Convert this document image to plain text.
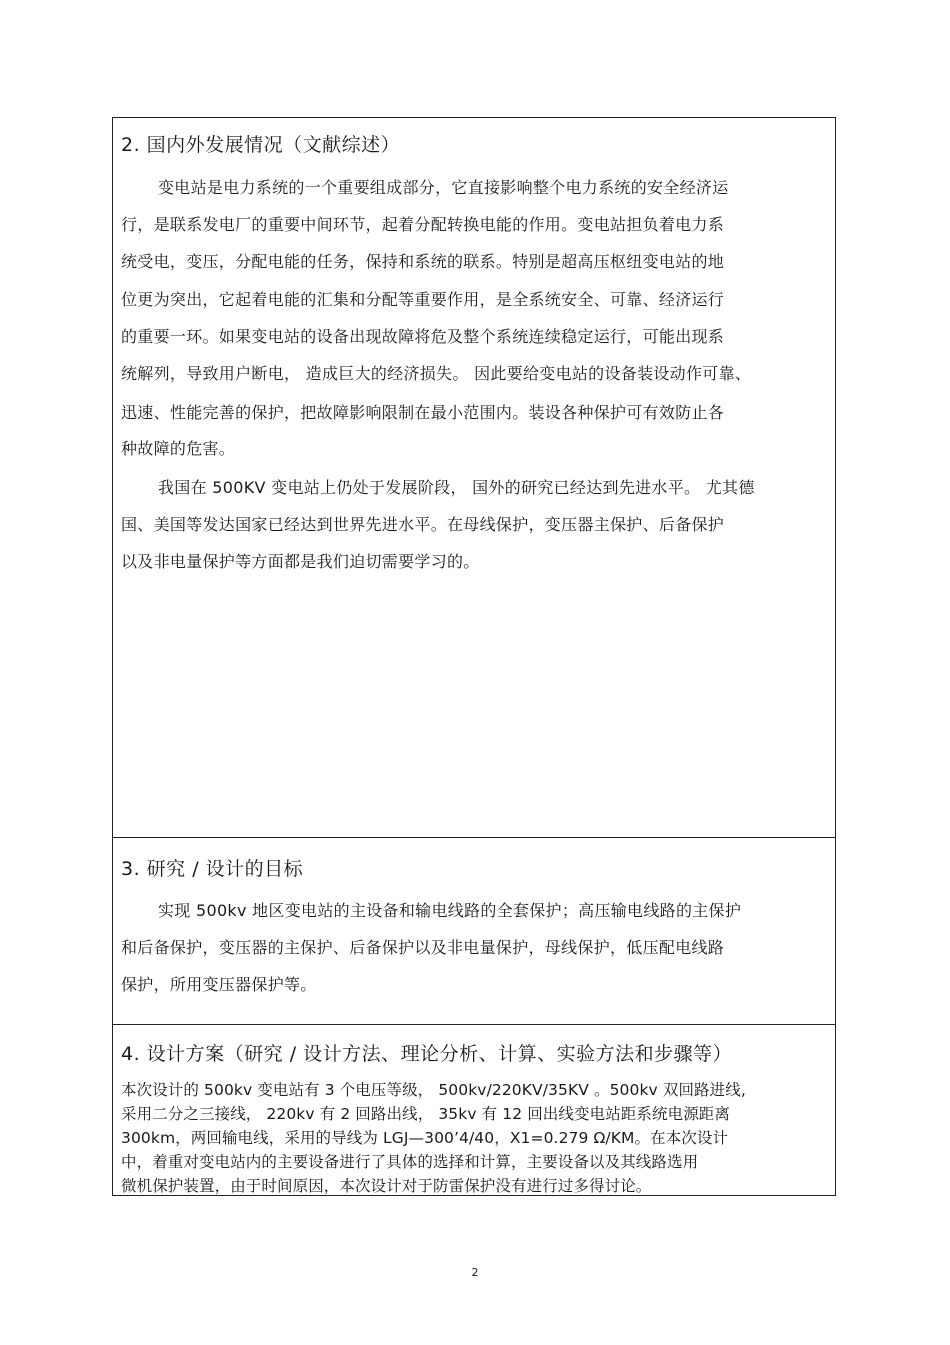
2. 国内外发展情况（文献综述）
变电站是电力系统的一个重要组成部分，它直接影响整个电力系统的安全经济运
行，是联系发电厂的重要中间环节，起着分配转换电能的作用。变电站担负着电力系
统受电，变压，分配电能的任务，保持和系统的联系。特别是超高压枢纽变电站的地
位更为突出，它起着电能的汇集和分配等重要作用，是全系统安全、可靠、经济运行
的重要一环。如果变电站的设备出现故障将危及整个系统连续稳定运行，可能出现系
统解列，导致用户断电， 造成巨大的经济损失。 因此要给变电站的设备装设动作可靠、
迅速、性能完善的保护，把故障影响限制在最小范围内。装设各种保护可有效防止各
种故障的危害。
我国在 500KV 变电站上仍处于发展阶段， 国外的研究已经达到先进水平。 尤其德
国、美国等发达国家已经达到世界先进水平。在母线保护，变压器主保护、后备保护
以及非电量保护等方面都是我们迫切需要学习的。
3. 研究 / 设计的目标
实现 500kv 地区变电站的主设备和输电线路的全套保护；高压输电线路的主保护
和后备保护，变压器的主保护、后备保护以及非电量保护，母线保护，低压配电线路
保护，所用变压器保护等。
4. 设计方案（研究 / 设计方法、理论分析、计算、实验方法和步骤等）
本次设计的 500kv 变电站有 3 个电压等级， 500kv/220KV/35KV 。500kv 双回路进线,
采用二分之三接线， 220kv 有 2 回路出线， 35kv 有 12 回出线变电站距系统电源距离
300km，两回输电线，采用的导线为 LGJ—300’4/40，X1=0.279 Ω/KM。在本次设计
中，着重对变电站内的主要设备进行了具体的选择和计算，主要设备以及其线路选用
微机保护装置，由于时间原因，本次设计对于防雷保护没有进行过多得讨论。
2
